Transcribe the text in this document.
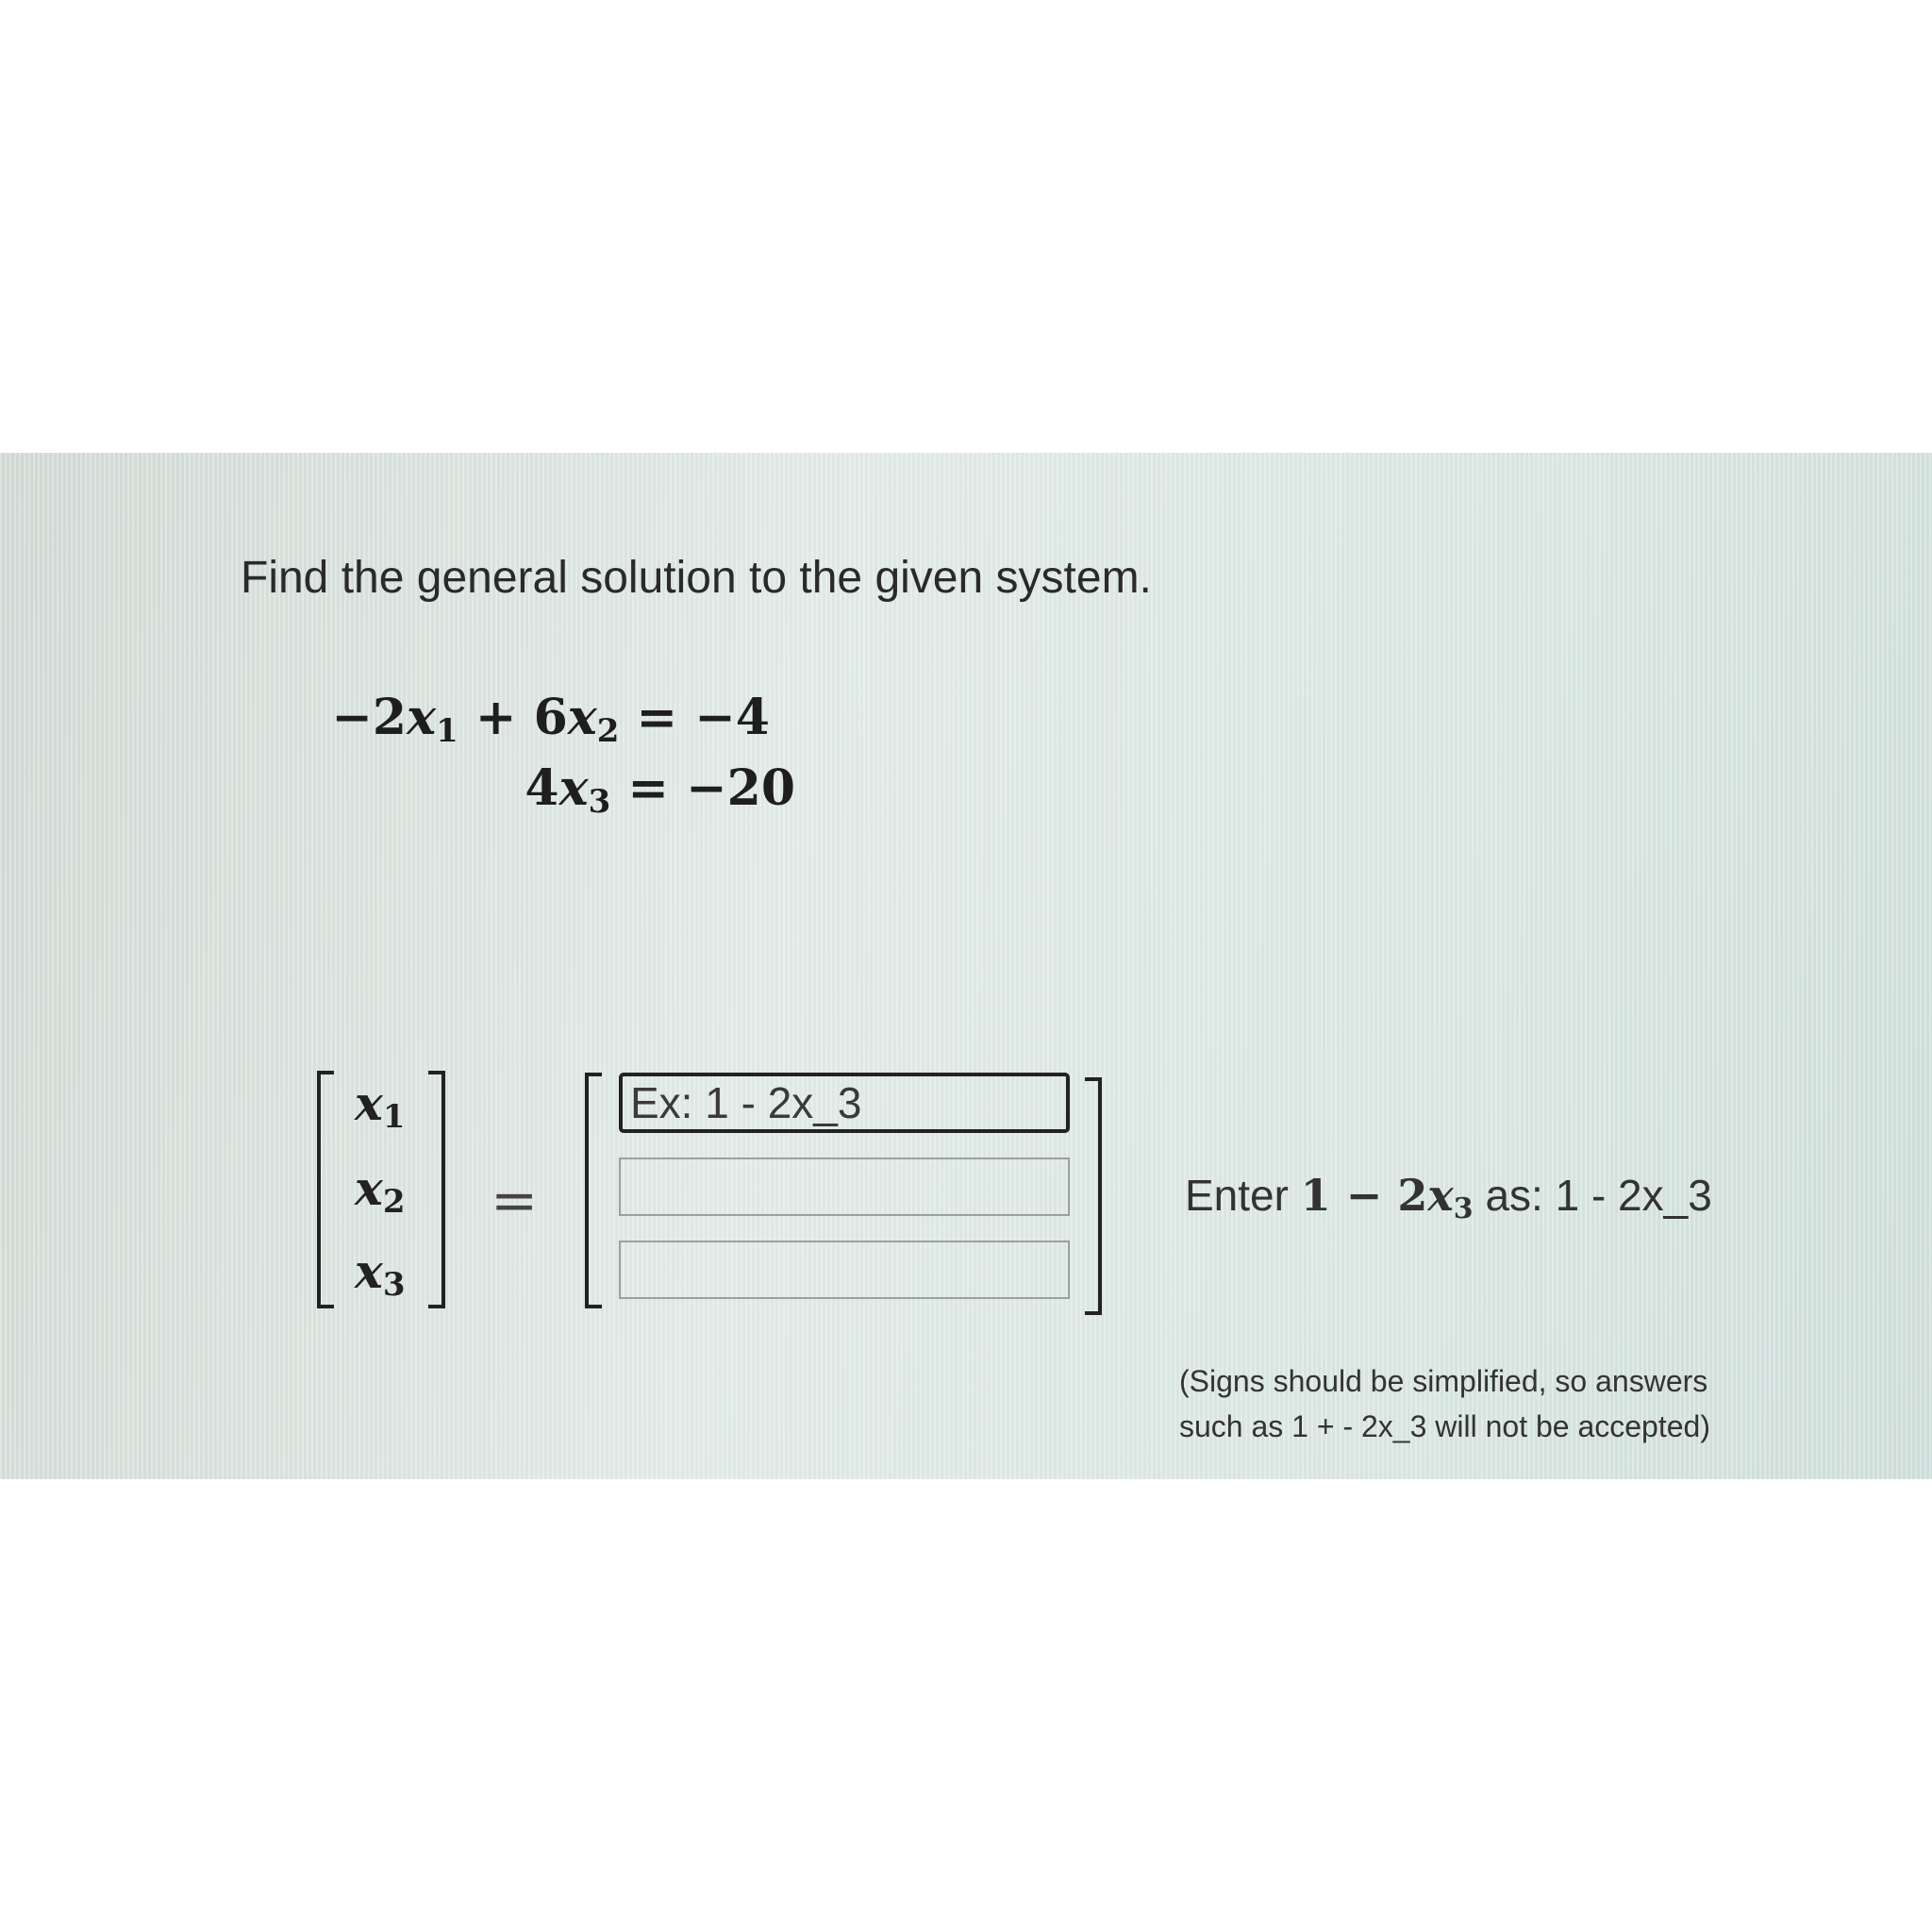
Find the general solution to the given system.
$-2x_1 + 6x_2 = -4$
$4x_3 = -20$
$x_1$
$x_2$
$x_3$
=
Ex: 1 - 2x_3	Enter $1 - 2x_3$ as: 1 - 2x_3
(Signs should be simplified, so answers
such as 1 + - 2x_3 will not be accepted)
